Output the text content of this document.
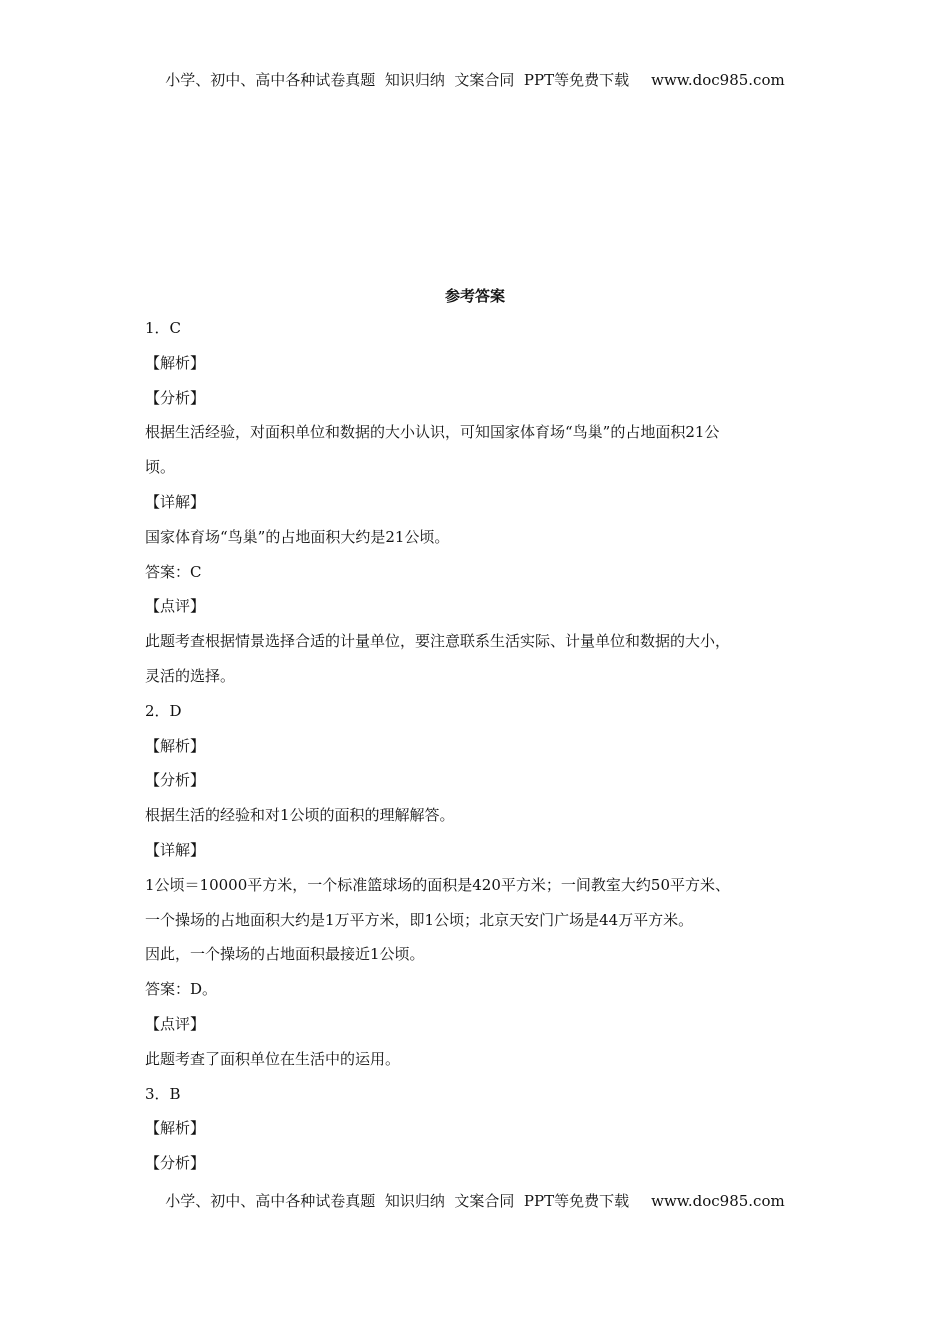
小学、初中、高中各种试卷真题  知识归纳  文案合同  PPT等免费下载 www.doc985.com
参考答案
1．C
【解析】
【分析】
根据生活经验，对面积单位和数据的大小认识，可知国家体育场“鸟巢”的占地面积21公
顷。
【详解】
国家体育场“鸟巢”的占地面积大约是21公顷。
答案：C
【点评】
此题考查根据情景选择合适的计量单位，要注意联系生活实际、计量单位和数据的大小，
灵活的选择。
2．D
【解析】
【分析】
根据生活的经验和对1公顷的面积的理解解答。
【详解】
1公顷＝10000平方米，一个标准篮球场的面积是420平方米；一间教室大约50平方米、
一个操场的占地面积大约是1万平方米，即1公顷；北京天安门广场是44万平方米。
因此，一个操场的占地面积最接近1公顷。
答案：D。
【点评】
此题考查了面积单位在生活中的运用。
3．B
【解析】
【分析】
小学、初中、高中各种试卷真题  知识归纳  文案合同  PPT等免费下载 www.doc985.com
